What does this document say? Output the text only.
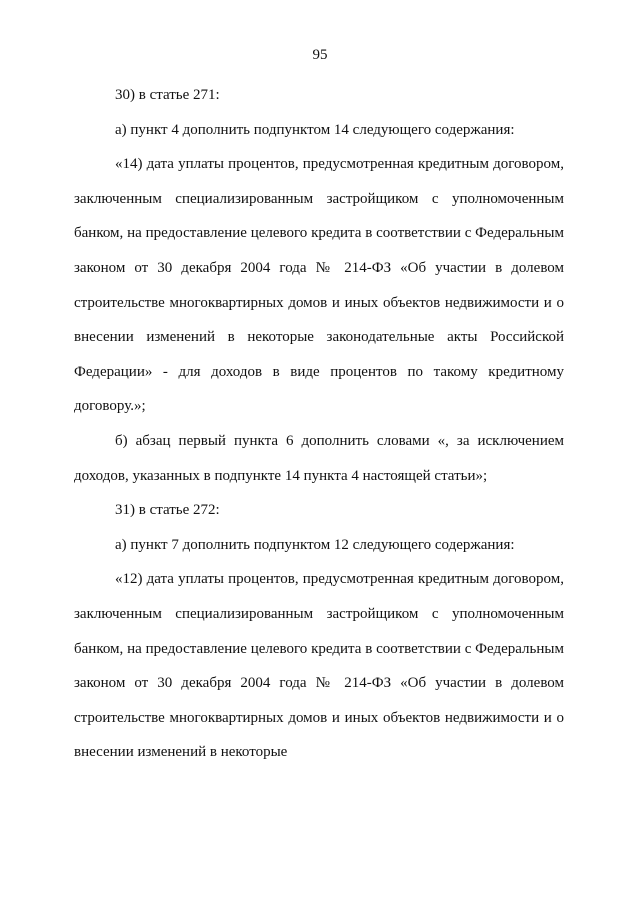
95

30) в статье 271:

а) пункт 4 дополнить подпунктом 14 следующего содержания:

«14) дата уплаты процентов, предусмотренная кредитным договором, заключенным специализированным застройщиком с уполномоченным банком, на предоставление целевого кредита в соответствии с Федеральным законом от 30 декабря 2004 года № 214-ФЗ «Об участии в долевом строительстве многоквартирных домов и иных объектов недвижимости и о внесении изменений в некоторые законодательные акты Российской Федерации» - для доходов в виде процентов по такому кредитному договору.»;

б) абзац первый пункта 6 дополнить словами «, за исключением доходов, указанных в подпункте 14 пункта 4 настоящей статьи»;

31) в статье 272:

а) пункт 7 дополнить подпунктом 12 следующего содержания:

«12) дата уплаты процентов, предусмотренная кредитным договором, заключенным специализированным застройщиком с уполномоченным банком, на предоставление целевого кредита в соответствии с Федеральным законом от 30 декабря 2004 года № 214-ФЗ «Об участии в долевом строительстве многоквартирных домов и иных объектов недвижимости и о внесении изменений в некоторые
